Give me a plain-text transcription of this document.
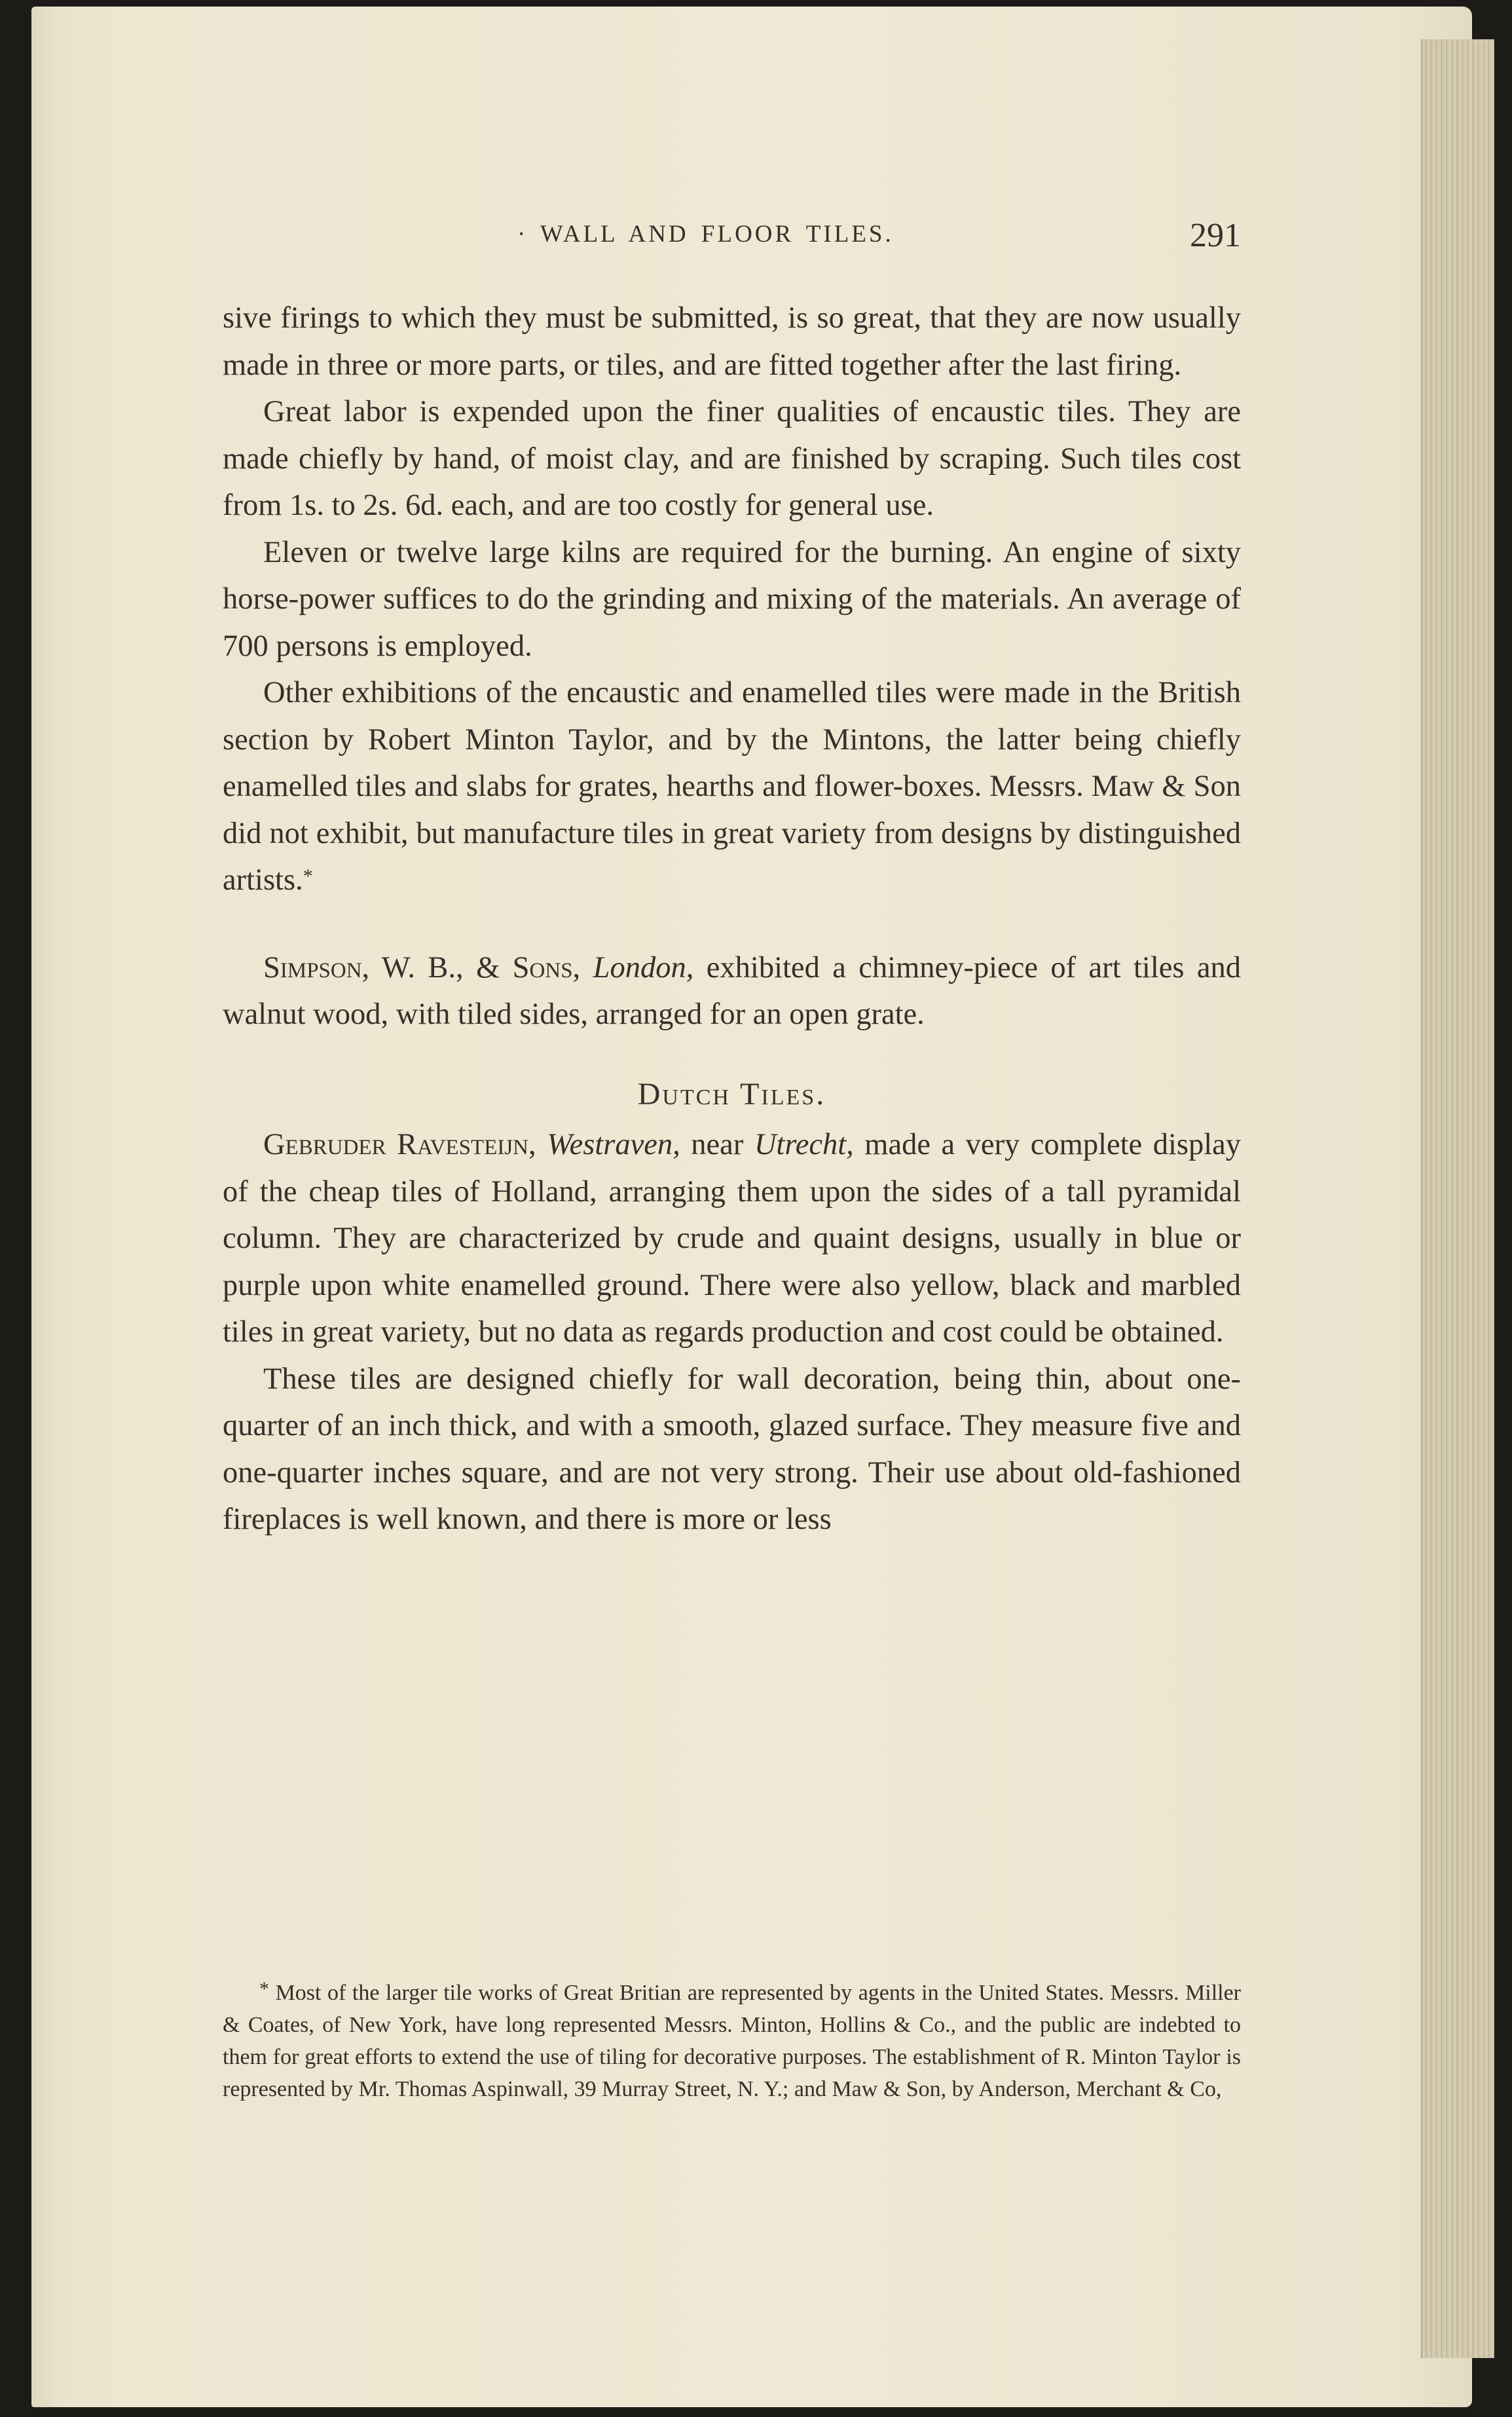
· WALL AND FLOOR TILES.	291

sive firings to which they must be submitted, is so great, that they are now usually made in three or more parts, or tiles, and are fitted together after the last firing.

Great labor is expended upon the finer qualities of encaustic tiles. They are made chiefly by hand, of moist clay, and are finished by scraping. Such tiles cost from 1s. to 2s. 6d. each, and are too costly for general use.

Eleven or twelve large kilns are required for the burning. An engine of sixty horse-power suffices to do the grinding and mixing of the materials. An average of 700 persons is employed.

Other exhibitions of the encaustic and enamelled tiles were made in the British section by Robert Minton Taylor, and by the Mintons, the latter being chiefly enamelled tiles and slabs for grates, hearths and flower-boxes. Messrs. Maw & Son did not exhibit, but manufacture tiles in great variety from designs by distinguished artists.*

Simpson, W. B., & Sons, London, exhibited a chimney-piece of art tiles and walnut wood, with tiled sides, arranged for an open grate.

Dutch Tiles.

Gebruder Ravesteijn, Westraven, near Utrecht, made a very complete display of the cheap tiles of Holland, arranging them upon the sides of a tall pyramidal column. They are characterized by crude and quaint designs, usually in blue or purple upon white enamelled ground. There were also yellow, black and marbled tiles in great variety, but no data as regards production and cost could be obtained.

These tiles are designed chiefly for wall decoration, being thin, about one-quarter of an inch thick, and with a smooth, glazed surface. They measure five and one-quarter inches square, and are not very strong. Their use about old-fashioned fireplaces is well known, and there is more or less

* Most of the larger tile works of Great Britian are represented by agents in the United States. Messrs. Miller & Coates, of New York, have long represented Messrs. Minton, Hollins & Co., and the public are indebted to them for great efforts to extend the use of tiling for decorative purposes. The establishment of R. Minton Taylor is represented by Mr. Thomas Aspinwall, 39 Murray Street, N. Y.; and Maw & Son, by Anderson, Merchant & Co,
